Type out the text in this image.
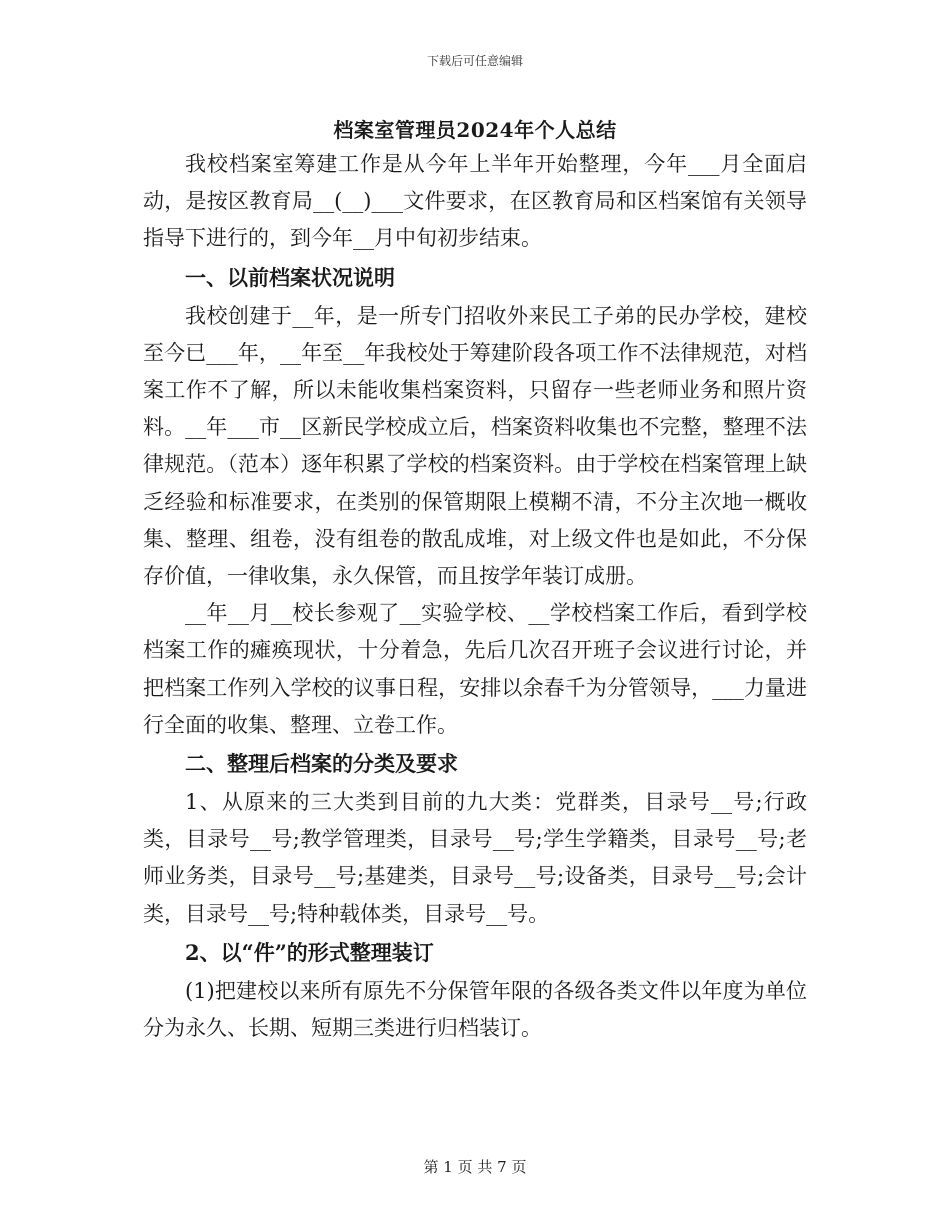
下载后可任意编辑
档案室管理员2024年个人总结

我校档案室筹建工作是从今年上半年开始整理，今年___月全面启动，是按区教育局__(__)___文件要求，在区教育局和区档案馆有关领导指导下进行的，到今年__月中旬初步结束。

一、以前档案状况说明

我校创建于__年，是一所专门招收外来民工子弟的民办学校，建校至今已___年，__年至__年我校处于筹建阶段各项工作不法律规范，对档案工作不了解，所以未能收集档案资料，只留存一些老师业务和照片资料。__年___市__区新民学校成立后，档案资料收集也不完整，整理不法律规范。（范本）逐年积累了学校的档案资料。由于学校在档案管理上缺乏经验和标准要求，在类别的保管期限上模糊不清，不分主次地一概收集、整理、组卷，没有组卷的散乱成堆，对上级文件也是如此，不分保存价值，一律收集，永久保管，而且按学年装订成册。

__年__月__校长参观了__实验学校、__学校档案工作后，看到学校档案工作的瘫痪现状，十分着急，先后几次召开班子会议进行讨论，并把档案工作列入学校的议事日程，安排以余春千为分管领导，___力量进行全面的收集、整理、立卷工作。

二、整理后档案的分类及要求

1、从原来的三大类到目前的九大类：党群类，目录号__号;行政类，目录号__号;教学管理类，目录号__号;学生学籍类，目录号__号;老师业务类，目录号__号;基建类，目录号__号;设备类，目录号__号;会计类，目录号__号;特种载体类，目录号__号。

2、以“件”的形式整理装订

(1)把建校以来所有原先不分保管年限的各级各类文件以年度为单位分为永久、长期、短期三类进行归档装订。

第 1 页 共 7 页
